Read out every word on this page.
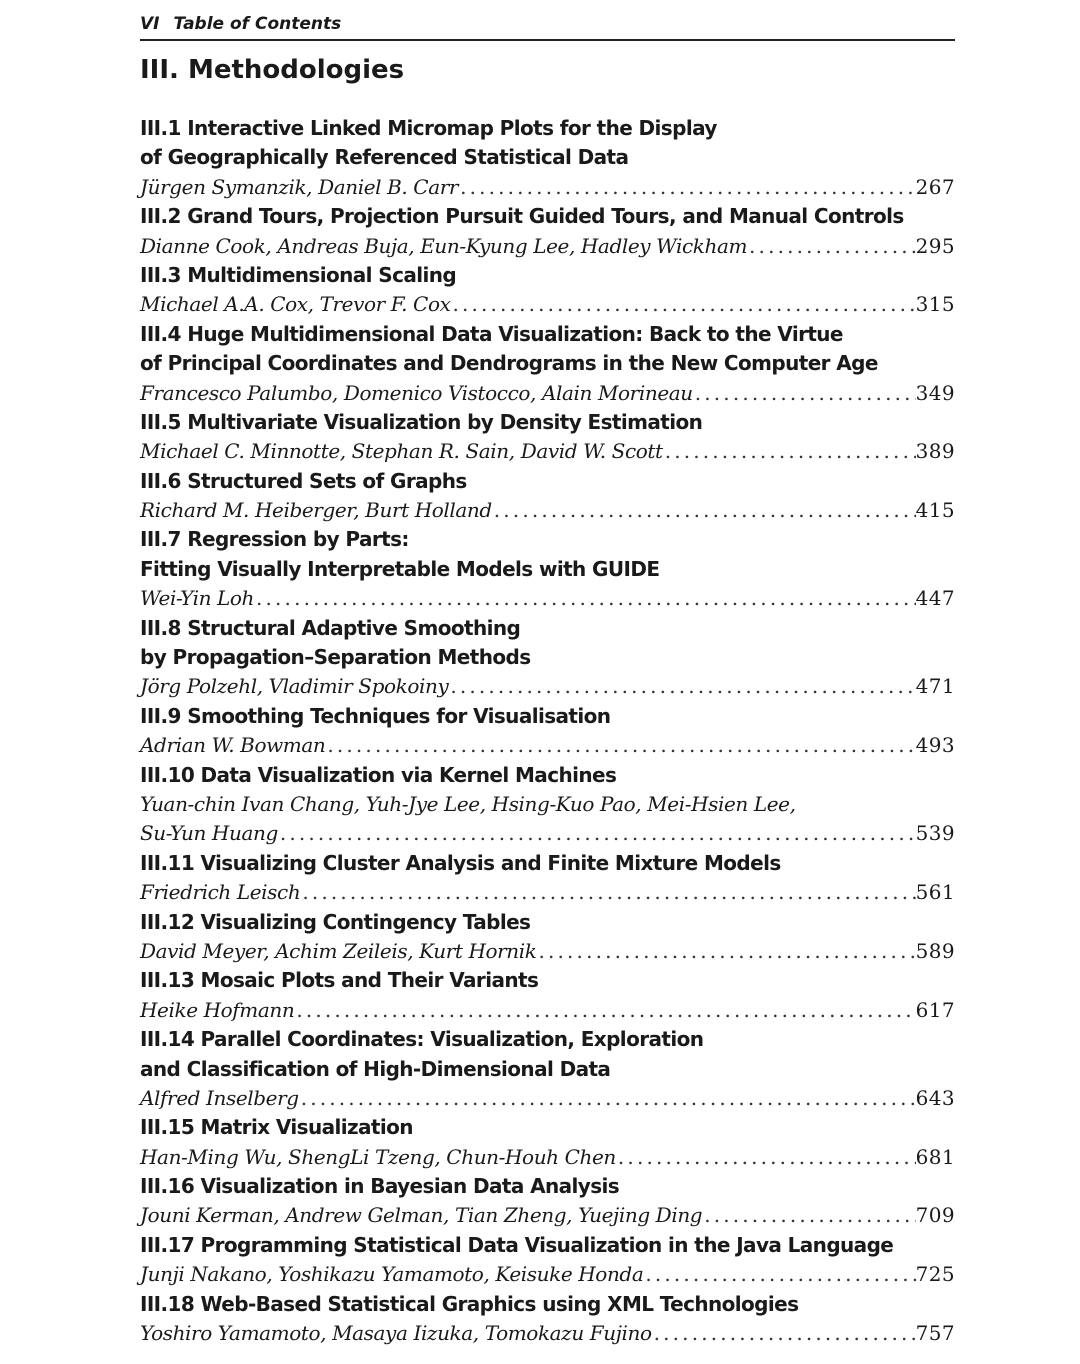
VI Table of Contents
III. Methodologies
III.1 Interactive Linked Micromap Plots for the Display
of Geographically Referenced Statistical Data
Jürgen Symanzik, Daniel B. Carr . . .	267
III.2 Grand Tours, Projection Pursuit Guided Tours, and Manual Controls
Dianne Cook, Andreas Buja, Eun-Kyung Lee, Hadley Wickham . . .	295
III.3 Multidimensional Scaling
Michael A.A. Cox, Trevor F. Cox . . .	315
III.4 Huge Multidimensional Data Visualization: Back to the Virtue
of Principal Coordinates and Dendrograms in the New Computer Age
Francesco Palumbo, Domenico Vistocco, Alain Morineau . . .	349
III.5 Multivariate Visualization by Density Estimation
Michael C. Minnotte, Stephan R. Sain, David W. Scott . . .	389
III.6 Structured Sets of Graphs
Richard M. Heiberger, Burt Holland . . .	415
III.7 Regression by Parts:
Fitting Visually Interpretable Models with GUIDE
Wei-Yin Loh . . .	447
III.8 Structural Adaptive Smoothing
by Propagation–Separation Methods
Jörg Polzehl, Vladimir Spokoiny . . .	471
III.9 Smoothing Techniques for Visualisation
Adrian W. Bowman . . .	493
III.10 Data Visualization via Kernel Machines
Yuan-chin Ivan Chang, Yuh-Jye Lee, Hsing-Kuo Pao, Mei-Hsien Lee,
Su-Yun Huang . . .	539
III.11 Visualizing Cluster Analysis and Finite Mixture Models
Friedrich Leisch . . .	561
III.12 Visualizing Contingency Tables
David Meyer, Achim Zeileis, Kurt Hornik . . .	589
III.13 Mosaic Plots and Their Variants
Heike Hofmann . . .	617
III.14 Parallel Coordinates: Visualization, Exploration
and Classification of High-Dimensional Data
Alfred Inselberg . . .	643
III.15 Matrix Visualization
Han-Ming Wu, ShengLi Tzeng, Chun-Houh Chen . . .	681
III.16 Visualization in Bayesian Data Analysis
Jouni Kerman, Andrew Gelman, Tian Zheng, Yuejing Ding . . .	709
III.17 Programming Statistical Data Visualization in the Java Language
Junji Nakano, Yoshikazu Yamamoto, Keisuke Honda . . .	725
III.18 Web-Based Statistical Graphics using XML Technologies
Yoshiro Yamamoto, Masaya Iizuka, Tomokazu Fujino . . .	757
